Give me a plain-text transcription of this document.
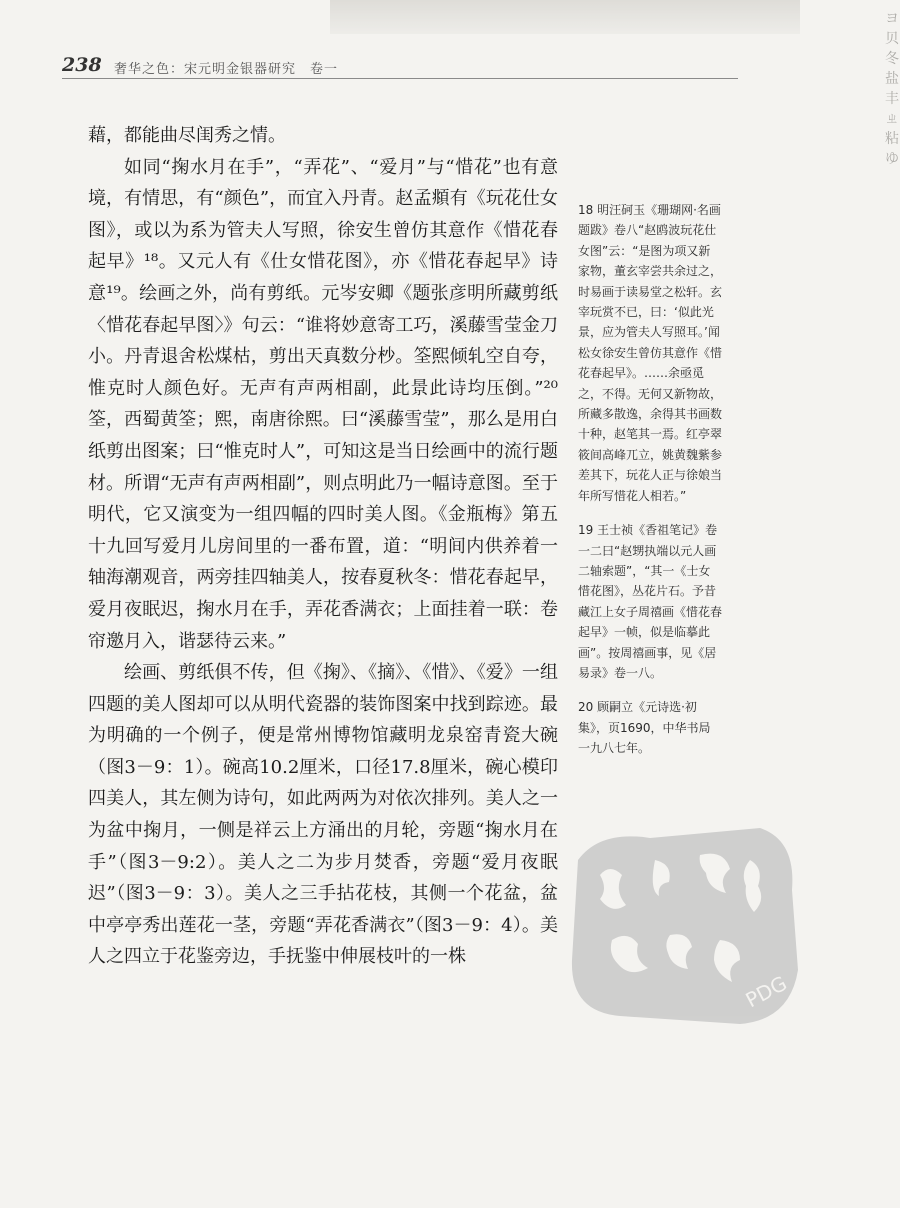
ヨ贝冬盐丰ㄓ粘ゆ
238 奢华之色：宋元明金银器研究　卷一

藉，都能曲尽闺秀之情。

如同“掬水月在手”，“弄花”、“爱月”与“惜花”也有意境，有情思，有“颜色”，而宜入丹青。赵孟頫有《玩花仕女图》，或以为系为管夫人写照，徐安生曾仿其意作《惜花春起早》¹⁸。又元人有《仕女惜花图》，亦《惜花春起早》诗意¹⁹。绘画之外，尚有剪纸。元岑安卿《题张彦明所藏剪纸〈惜花春起早图〉》句云：“谁将妙意寄工巧，溪藤雪莹金刀小。丹青退舍松煤枯，剪出天真数分杪。筌熙倾轧空自夸，惟克时人颜色好。无声有声两相副，此景此诗均压倒。”²⁰筌，西蜀黄筌；熙，南唐徐熙。曰“溪藤雪莹”，那么是用白纸剪出图案；曰“惟克时人”，可知这是当日绘画中的流行题材。所谓“无声有声两相副”，则点明此乃一幅诗意图。至于明代，它又演变为一组四幅的四时美人图。《金瓶梅》第五十九回写爱月儿房间里的一番布置，道：“明间内供养着一轴海潮观音，两旁挂四轴美人，按春夏秋冬：惜花春起早，爱月夜眠迟，掬水月在手，弄花香满衣；上面挂着一联：卷帘邀月入，谐瑟待云来。”

绘画、剪纸俱不传，但《掬》、《摘》、《惜》、《爱》一组四题的美人图却可以从明代瓷器的装饰图案中找到踪迹。最为明确的一个例子，便是常州博物馆藏明龙泉窑青瓷大碗（图3－9：1）。碗高10.2厘米，口径17.8厘米，碗心模印四美人，其左侧为诗句，如此两两为对依次排列。美人之一为盆中掬月，一侧是祥云上方涌出的月轮，旁题“掬水月在手”（图3－9:2）。美人之二为步月焚香，旁题“爱月夜眠迟”（图3－9：3）。美人之三手拈花枝，其侧一个花盆，盆中亭亭秀出莲花一茎，旁题“弄花香满衣”（图3－9：4）。美人之四立于花鉴旁边，手抚鉴中伸展枝叶的一株

18 明汪砢玉《珊瑚网·名画题跋》卷八“赵鸥波玩花仕女图”云：“是图为项又新家物，董玄宰尝共余过之，时易画于读易堂之松轩。玄宰玩赏不已，曰：‘似此光景，应为管夫人写照耳。’闻松女徐安生曾仿其意作《惜花春起早》。……余亟觅之，不得。无何又新物故，所藏多散逸，余得其书画数十种，赵笔其一焉。红亭翠筱间高峰兀立，姚黄魏紫参差其下，玩花人正与徐娘当年所写惜花人相若。”
19 王士祯《香祖笔记》卷一二曰“赵甥执端以元人画二轴索题”，“其一《士女惜花图》，丛花片石。予昔藏江上女子周禧画《惜花春起早》一帧，似是临摹此画”。按周禧画事，见《居易录》卷一八。
20 顾嗣立《元诗选·初集》，页1690，中华书局一九八七年。
PDG
